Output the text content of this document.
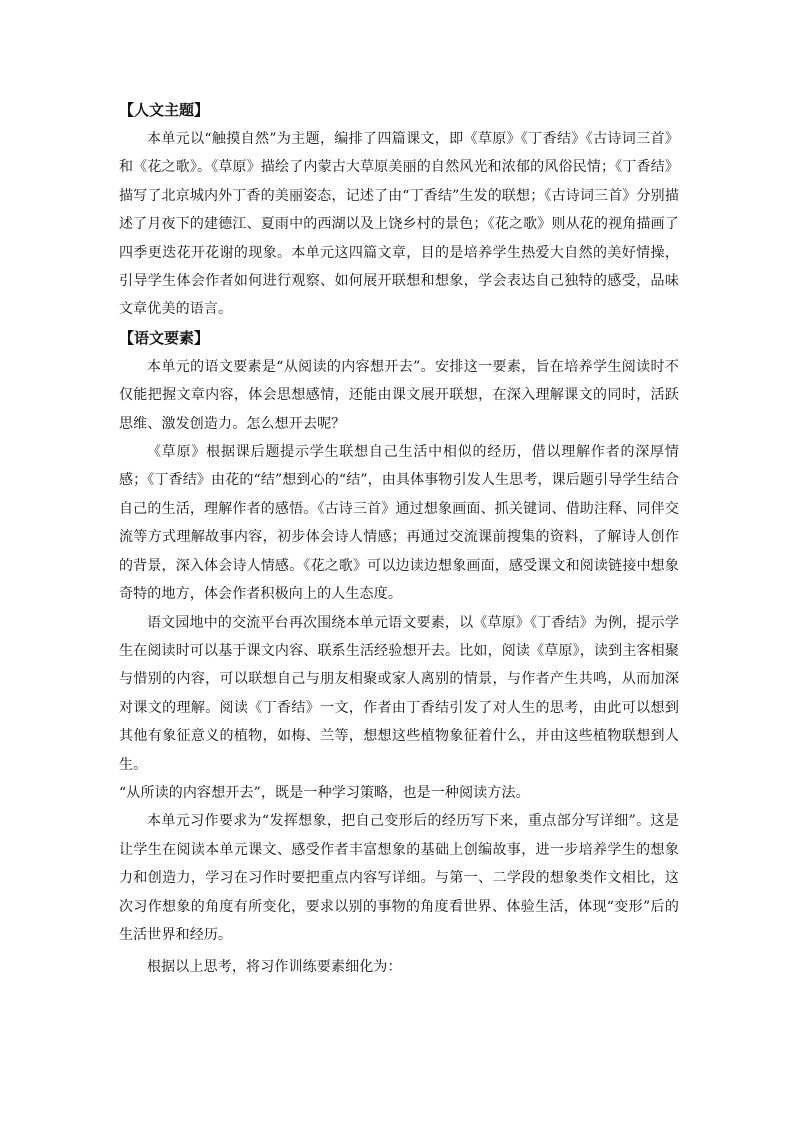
【人文主题】

本单元以“触摸自然”为主题，编排了四篇课文，即《草原》《丁香结》《古诗词三首》和《花之歌》。《草原》描绘了内蒙古大草原美丽的自然风光和浓郁的风俗民情；《丁香结》描写了北京城内外丁香的美丽姿态，记述了由“丁香结”生发的联想；《古诗词三首》分别描述了月夜下的建德江、夏雨中的西湖以及上饶乡村的景色；《花之歌》则从花的视角描画了四季更迭花开花谢的现象。本单元这四篇文章，目的是培养学生热爱大自然的美好情操，引导学生体会作者如何进行观察、如何展开联想和想象，学会表达自己独特的感受，品味文章优美的语言。

【语文要素】

本单元的语文要素是“从阅读的内容想开去”。安排这一要素，旨在培养学生阅读时不仅能把握文章内容，体会思想感情，还能由课文展开联想，在深入理解课文的同时，活跃思维、激发创造力。怎么想开去呢？

《草原》根据课后题提示学生联想自己生活中相似的经历，借以理解作者的深厚情感；《丁香结》由花的“结”想到心的“结”，由具体事物引发人生思考，课后题引导学生结合自己的生活，理解作者的感悟。《古诗三首》通过想象画面、抓关键词、借助注释、同伴交流等方式理解故事内容，初步体会诗人情感；再通过交流课前搜集的资料，了解诗人创作的背景，深入体会诗人情感。《花之歌》可以边读边想象画面，感受课文和阅读链接中想象奇特的地方，体会作者积极向上的人生态度。

语文园地中的交流平台再次围绕本单元语文要素，以《草原》《丁香结》为例，提示学生在阅读时可以基于课文内容、联系生活经验想开去。比如，阅读《草原》，读到主客相聚与惜别的内容，可以联想自己与朋友相聚或家人离别的情景，与作者产生共鸣，从而加深对课文的理解。阅读《丁香结》一文，作者由丁香结引发了对人生的思考，由此可以想到其他有象征意义的植物，如梅、兰等，想想这些植物象征着什么，并由这些植物联想到人生。

“从所读的内容想开去”，既是一种学习策略，也是一种阅读方法。

本单元习作要求为“发挥想象，把自己变形后的经历写下来，重点部分写详细”。这是让学生在阅读本单元课文、感受作者丰富想象的基础上创编故事，进一步培养学生的想象力和创造力，学习在习作时要把重点内容写详细。与第一、二学段的想象类作文相比，这次习作想象的角度有所变化，要求以别的事物的角度看世界、体验生活，体现“变形”后的生活世界和经历。

根据以上思考，将习作训练要素细化为：
